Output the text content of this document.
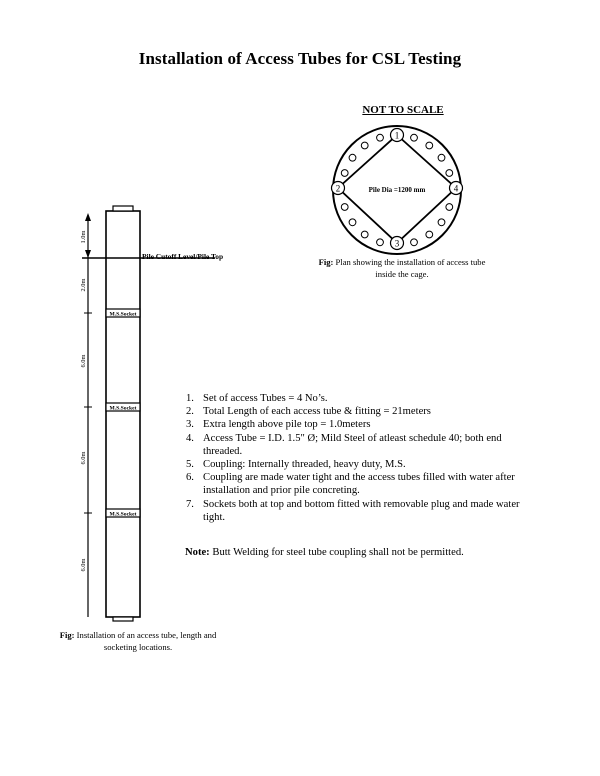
Installation of Access Tubes for CSL Testing
NOT TO SCALE
1
2
3
4
Pile Dia =1200 mm
Pile Cutoff Level/Pile Top
M.S.Socket
M.S.Socket
M.S.Socket
1.0m
2.0m
6.0m
6.0m
6.0m
Fig: Plan showing the installation of access tube inside the cage.
Fig: Installation of an access tube, length and socketing locations.
1. Set of access Tubes = 4 No’s.
2. Total Length of each access tube & fitting = 21meters
3. Extra length above pile top = 1.0meters
4. Access Tube = I.D. 1.5" Ø; Mild Steel of atleast schedule 40; both end threaded.
5. Coupling: Internally threaded, heavy duty, M.S.
6. Coupling are made water tight and the access tubes filled with water after installation and prior pile concreting.
7. Sockets both at top and bottom fitted with removable plug and made water tight.
Note: Butt Welding for steel tube coupling shall not be permitted.
